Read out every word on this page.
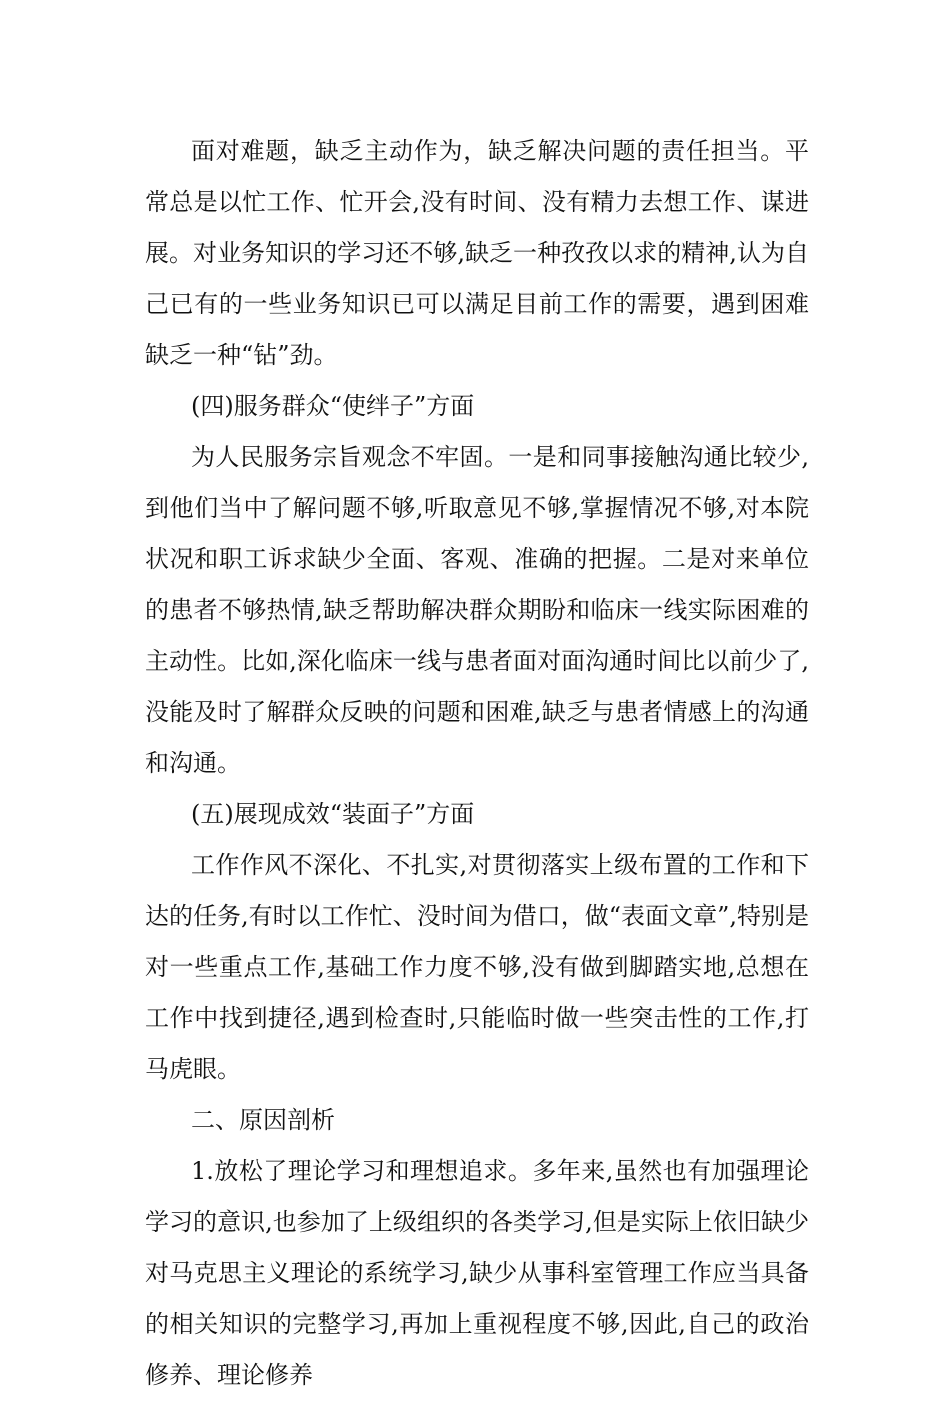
面对难题，缺乏主动作为，缺乏解决问题的责任担当。平常总是以忙工作、忙开会,没有时间、没有精力去想工作、谋进展。对业务知识的学习还不够,缺乏一种孜孜以求的精神,认为自己已有的一些业务知识已可以满足目前工作的需要，遇到困难缺乏一种“钻”劲。

(四)服务群众“使绊子”方面

为人民服务宗旨观念不牢固。一是和同事接触沟通比较少,到他们当中了解问题不够,听取意见不够,掌握情况不够,对本院状况和职工诉求缺少全面、客观、准确的把握。二是对来单位的患者不够热情,缺乏帮助解决群众期盼和临床一线实际困难的主动性。比如,深化临床一线与患者面对面沟通时间比以前少了,没能及时了解群众反映的问题和困难,缺乏与患者情感上的沟通和沟通。

(五)展现成效“装面子”方面

工作作风不深化、不扎实,对贯彻落实上级布置的工作和下达的任务,有时以工作忙、没时间为借口，做“表面文章”,特别是对一些重点工作,基础工作力度不够,没有做到脚踏实地,总想在工作中找到捷径,遇到检查时,只能临时做一些突击性的工作,打马虎眼。

二、原因剖析

1.放松了理论学习和理想追求。多年来,虽然也有加强理论学习的意识,也参加了上级组织的各类学习,但是实际上依旧缺少对马克思主义理论的系统学习,缺少从事科室管理工作应当具备的相关知识的完整学习,再加上重视程度不够,因此,自己的政治修养、理论修养
